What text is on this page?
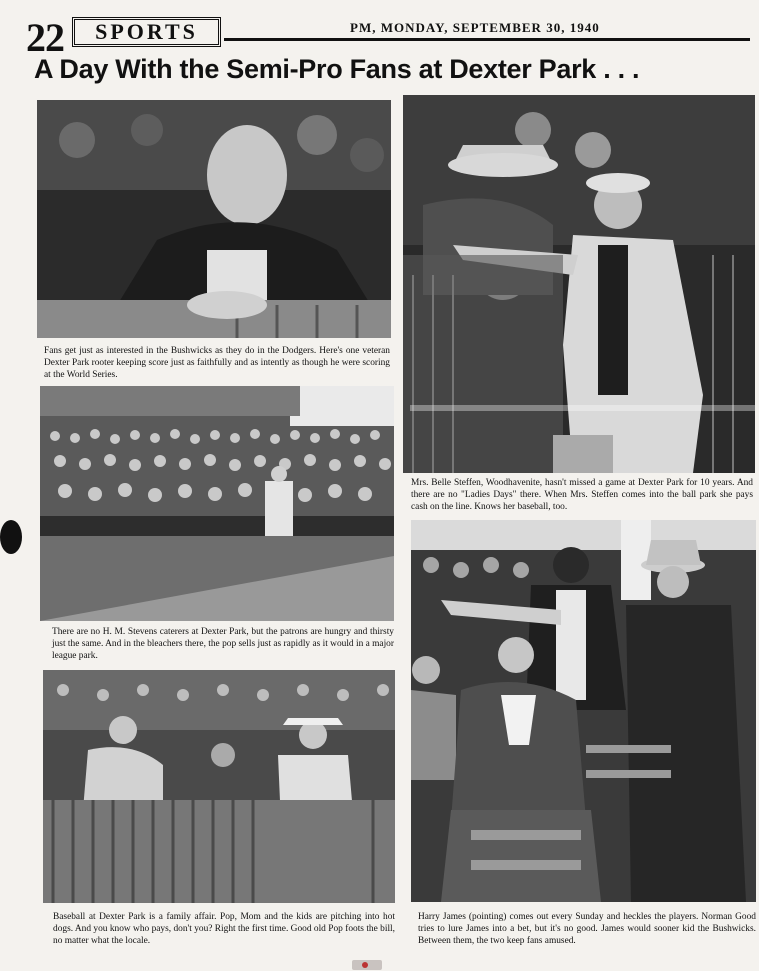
22	SPORTS	PM, MONDAY, SEPTEMBER 30, 1940
A Day With the Semi-Pro Fans at Dexter Park . . .
Fans get just as interested in the Bushwicks as they do in the Dodgers. Here's one veteran Dexter Park rooter keeping score just as faithfully and as intently as though he were scoring at the World Series.
Mrs. Belle Steffen, Woodhavenite, hasn't missed a game at Dexter Park for 10 years. And there are no "Ladies Days" there. When Mrs. Steffen comes into the ball park she pays cash on the line. Knows her baseball, too.
There are no H. M. Stevens caterers at Dexter Park, but the patrons are hungry and thirsty just the same. And in the bleachers there, the pop sells just as rapidly as it would in a major league park.
Baseball at Dexter Park is a family affair. Pop, Mom and the kids are pitching into hot dogs. And you know who pays, don't you? Right the first time. Good old Pop foots the bill, no matter what the locale.
Harry James (pointing) comes out every Sunday and heckles the players. Norman Good tries to lure James into a bet, but it's no good. James would sooner kid the Bushwicks. Between them, the two keep fans amused.
